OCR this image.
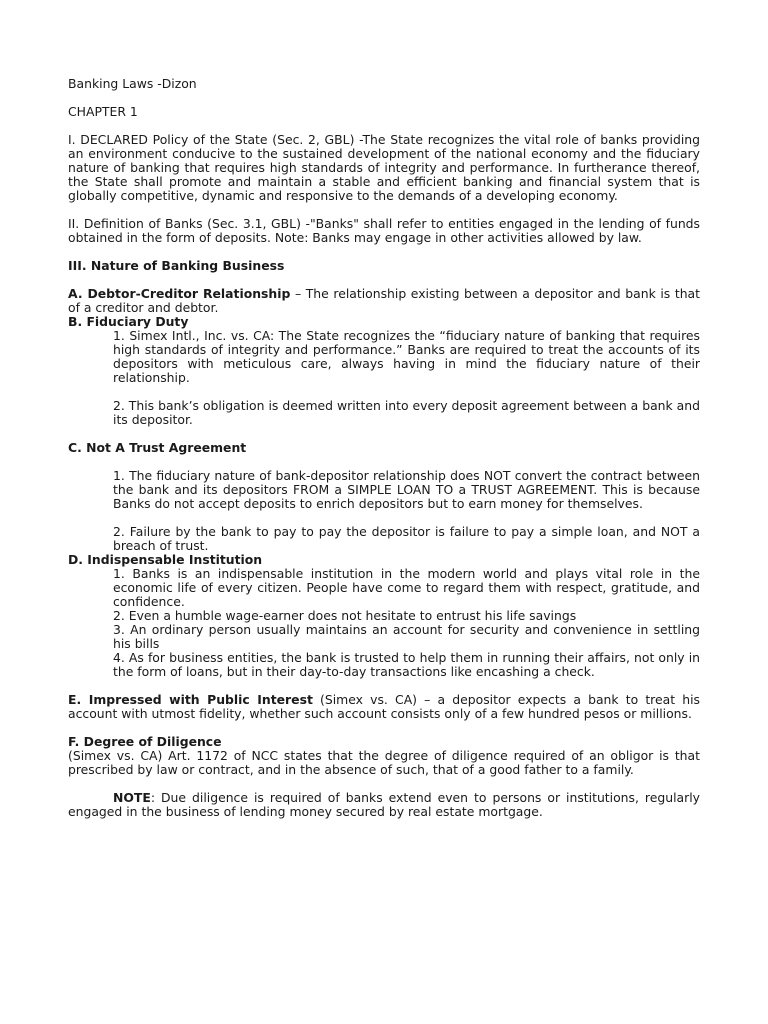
Banking Laws -Dizon

CHAPTER 1

I. DECLARED Policy of the State (Sec. 2, GBL) -The State recognizes the vital role of banks providing an environment conducive to the sustained development of the national economy and the fiduciary nature of banking that requires high standards of integrity and performance. In furtherance thereof, the State shall promote and maintain a stable and efficient banking and financial system that is globally competitive, dynamic and responsive to the demands of a developing economy.

II. Definition of Banks (Sec. 3.1, GBL) -"Banks" shall refer to entities engaged in the lending of funds obtained in the form of deposits. Note: Banks may engage in other activities allowed by law.

III. Nature of Banking Business

A. Debtor-Creditor Relationship – The relationship existing between a depositor and bank is that of a creditor and debtor.

B. Fiduciary Duty

1. Simex Intl., Inc. vs. CA: The State recognizes the “fiduciary nature of banking that requires high standards of integrity and performance.” Banks are required to treat the accounts of its depositors with meticulous care, always having in mind the fiduciary nature of their relationship.

2. This bank’s obligation is deemed written into every deposit agreement between a bank and its depositor.

C. Not A Trust Agreement

1. The fiduciary nature of bank-depositor relationship does NOT convert the contract between the bank and its depositors FROM a SIMPLE LOAN TO a TRUST AGREEMENT. This is because Banks do not accept deposits to enrich depositors but to earn money for themselves.

2. Failure by the bank to pay to pay the depositor is failure to pay a simple loan, and NOT a breach of trust.

D. Indispensable Institution

1. Banks is an indispensable institution in the modern world and plays vital role in the economic life of every citizen. People have come to regard them with respect, gratitude, and confidence.

2. Even a humble wage-earner does not hesitate to entrust his life savings

3. An ordinary person usually maintains an account for security and convenience in settling his bills

4. As for business entities, the bank is trusted to help them in running their affairs, not only in the form of loans, but in their day-to-day transactions like encashing a check.

E. Impressed with Public Interest (Simex vs. CA) – a depositor expects a bank to treat his account with utmost fidelity, whether such account consists only of a few hundred pesos or millions.

F. Degree of Diligence

(Simex vs. CA) Art. 1172 of NCC states that the degree of diligence required of an obligor is that prescribed by law or contract, and in the absence of such, that of a good father to a family.

NOTE: Due diligence is required of banks extend even to persons or institutions, regularly engaged in the business of lending money secured by real estate mortgage.
